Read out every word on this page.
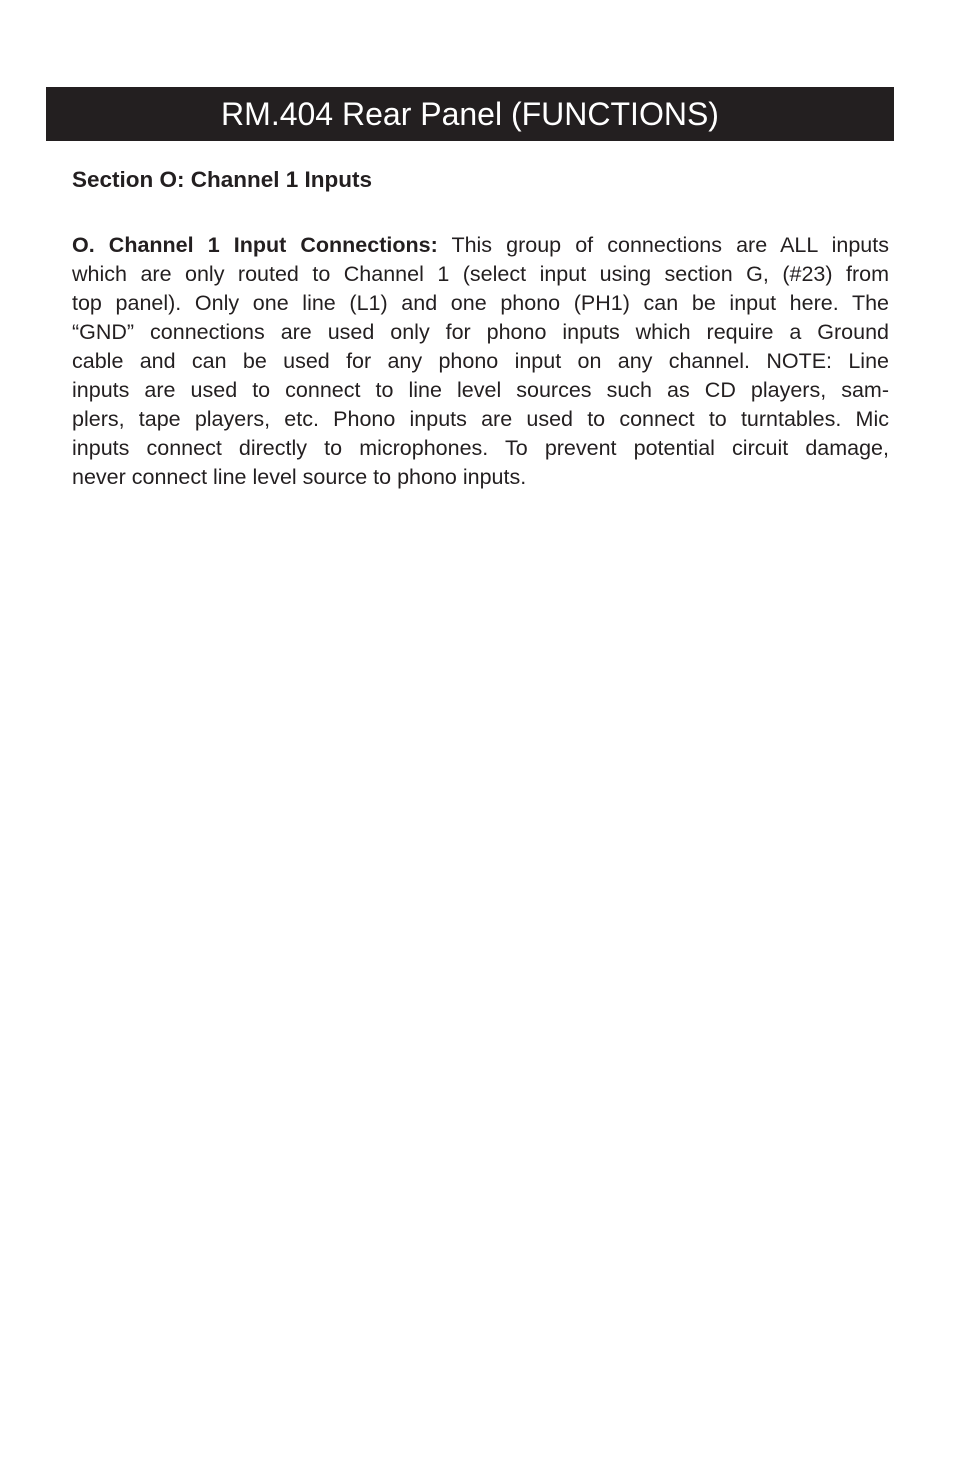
RM.404 Rear Panel (FUNCTIONS)
Section O: Channel 1 Inputs
O. Channel 1 Input Connections: This group of connections are ALL inputs
which are only routed to Channel 1 (select input using section G, (#23) from
top panel). Only one line (L1) and one phono (PH1) can be input here. The
“GND” connections are used only for phono inputs which require a Ground
cable and can be used for any phono input on any channel. NOTE: Line
inputs are used to connect to line level sources such as CD players, sam-
plers, tape players, etc. Phono inputs are used to connect to turntables. Mic
inputs connect directly to microphones. To prevent potential circuit damage,
never connect line level source to phono inputs.
